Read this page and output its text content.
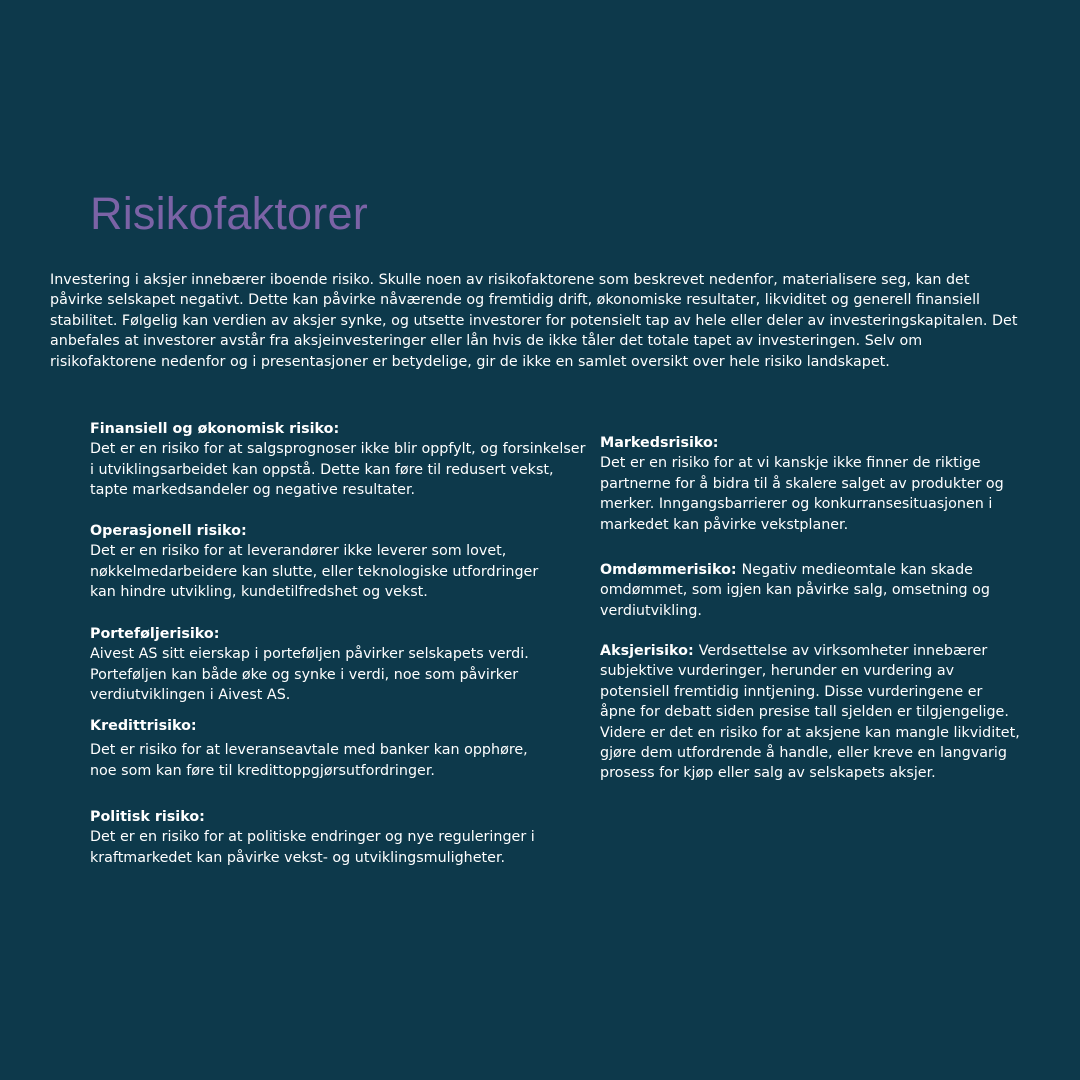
Risikofaktorer

Investering i aksjer innebærer iboende risiko. Skulle noen av risikofaktorene som beskrevet nedenfor, materialisere seg, kan det påvirke selskapet negativt. Dette kan påvirke nåværende og fremtidig drift, økonomiske resultater, likviditet og generell finansiell stabilitet. Følgelig kan verdien av aksjer synke, og utsette investorer for potensielt tap av hele eller deler av investeringskapitalen. Det anbefales at investorer avstår fra aksjeinvesteringer eller lån hvis de ikke tåler det totale tapet av investeringen. Selv om risikofaktorene nedenfor og i presentasjoner er betydelige, gir de ikke en samlet oversikt over hele risiko landskapet.

Finansiell og økonomisk risiko:
Det er en risiko for at salgsprognoser ikke blir oppfylt, og forsinkelser i utviklingsarbeidet kan oppstå. Dette kan føre til redusert vekst, tapte markedsandeler og negative resultater.
Operasjonell risiko:
Det er en risiko for at leverandører ikke leverer som lovet, nøkkelmedarbeidere kan slutte, eller teknologiske utfordringer kan hindre utvikling, kundetilfredshet og vekst.
Porteføljerisiko:
Aivest AS sitt eierskap i porteføljen påvirker selskapets verdi. Porteføljen kan både øke og synke i verdi, noe som påvirker verdiutviklingen i Aivest AS.
Kredittrisiko:
Det er risiko for at leveranseavtale med banker kan opphøre, noe som kan føre til kredittoppgjørsutfordringer.
Politisk risiko:
Det er en risiko for at politiske endringer og nye reguleringer i kraftmarkedet kan påvirke vekst- og utviklingsmuligheter.
Markedsrisiko:
Det er en risiko for at vi kanskje ikke finner de riktige partnerne for å bidra til å skalere salget av produkter og merker. Inngangsbarrierer og konkurransesituasjonen i markedet kan påvirke vekstplaner.
Omdømmerisiko: Negativ medieomtale kan skade omdømmet, som igjen kan påvirke salg, omsetning og verdiutvikling.
Aksjerisiko: Verdsettelse av virksomheter innebærer subjektive vurderinger, herunder en vurdering av potensiell fremtidig inntjening. Disse vurderingene er åpne for debatt siden presise tall sjelden er tilgjengelige. Videre er det en risiko for at aksjene kan mangle likviditet, gjøre dem utfordrende å handle, eller kreve en langvarig prosess for kjøp eller salg av selskapets aksjer.
